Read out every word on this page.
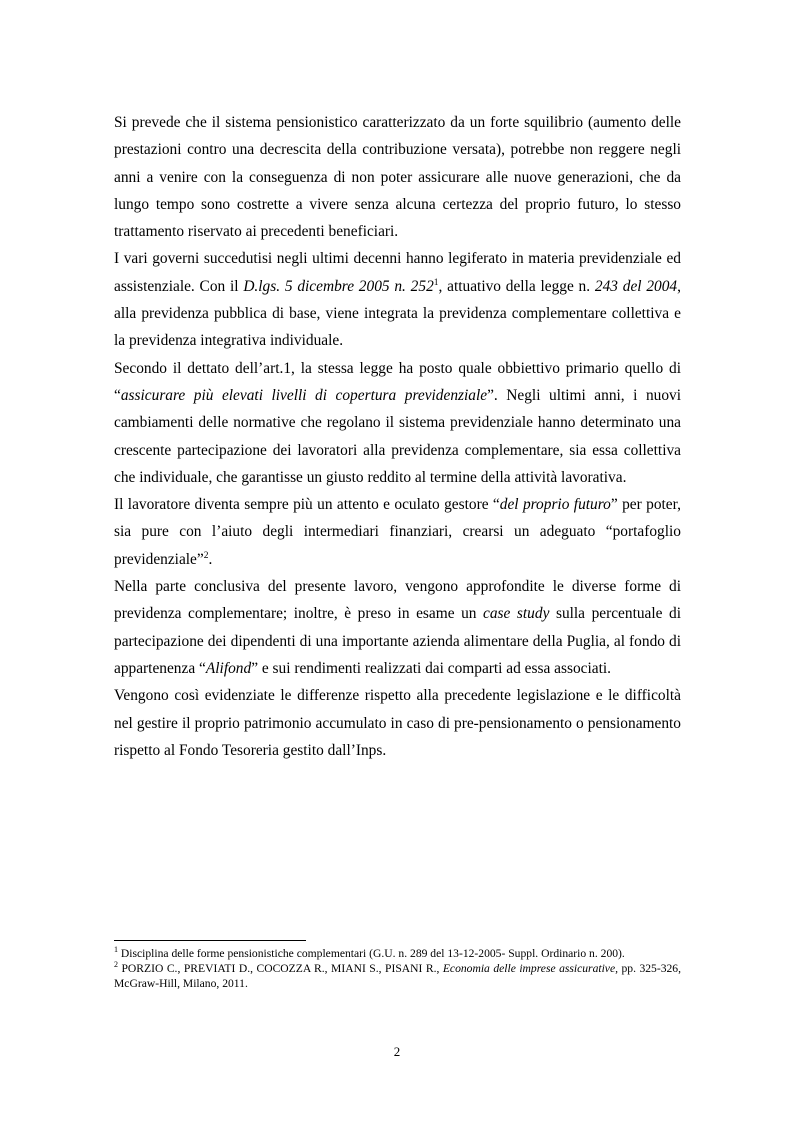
Si prevede che il sistema pensionistico caratterizzato da un forte squilibrio (aumento delle prestazioni contro una decrescita della contribuzione versata), potrebbe non reggere negli anni a venire con la conseguenza di non poter assicurare alle nuove generazioni, che da lungo tempo sono costrette a vivere senza alcuna certezza del proprio futuro, lo stesso trattamento riservato ai precedenti beneficiari.

I vari governi succedutisi negli ultimi decenni hanno legiferato in materia previdenziale ed assistenziale. Con il D.lgs. 5 dicembre 2005 n. $252^1$, attuativo della legge n. 243 del 2004, alla previdenza pubblica di base, viene integrata la previdenza complementare collettiva e la previdenza integrativa individuale.

Secondo il dettato dell’art.1, la stessa legge ha posto quale obbiettivo primario quello di “assicurare più elevati livelli di copertura previdenziale”. Negli ultimi anni, i nuovi cambiamenti delle normative che regolano il sistema previdenziale hanno determinato una crescente partecipazione dei lavoratori alla previdenza complementare, sia essa collettiva che individuale, che garantisse un giusto reddito al termine della attività lavorativa.

Il lavoratore diventa sempre più un attento e oculato gestore “del proprio futuro” per poter, sia pure con l’aiuto degli intermediari finanziari, crearsi un adeguato “portafoglio previdenziale”$^2$.

Nella parte conclusiva del presente lavoro, vengono approfondite le diverse forme di previdenza complementare; inoltre, è preso in esame un case study sulla percentuale di partecipazione dei dipendenti di una importante azienda alimentare della Puglia, al fondo di appartenenza “Alifond” e sui rendimenti realizzati dai comparti ad essa associati.

Vengono così evidenziate le differenze rispetto alla precedente legislazione e le difficoltà nel gestire il proprio patrimonio accumulato in caso di pre-pensionamento o pensionamento rispetto al Fondo Tesoreria gestito dall’Inps.

$^1$ Disciplina delle forme pensionistiche complementari (G.U. n. 289 del 13-12-2005- Suppl. Ordinario n. 200).

$^2$ PORZIO C., PREVIATI D., COCOZZA R., MIANI S., PISANI R., Economia delle imprese assicurative, pp. 325-326, McGraw-Hill, Milano, 2011.

2
